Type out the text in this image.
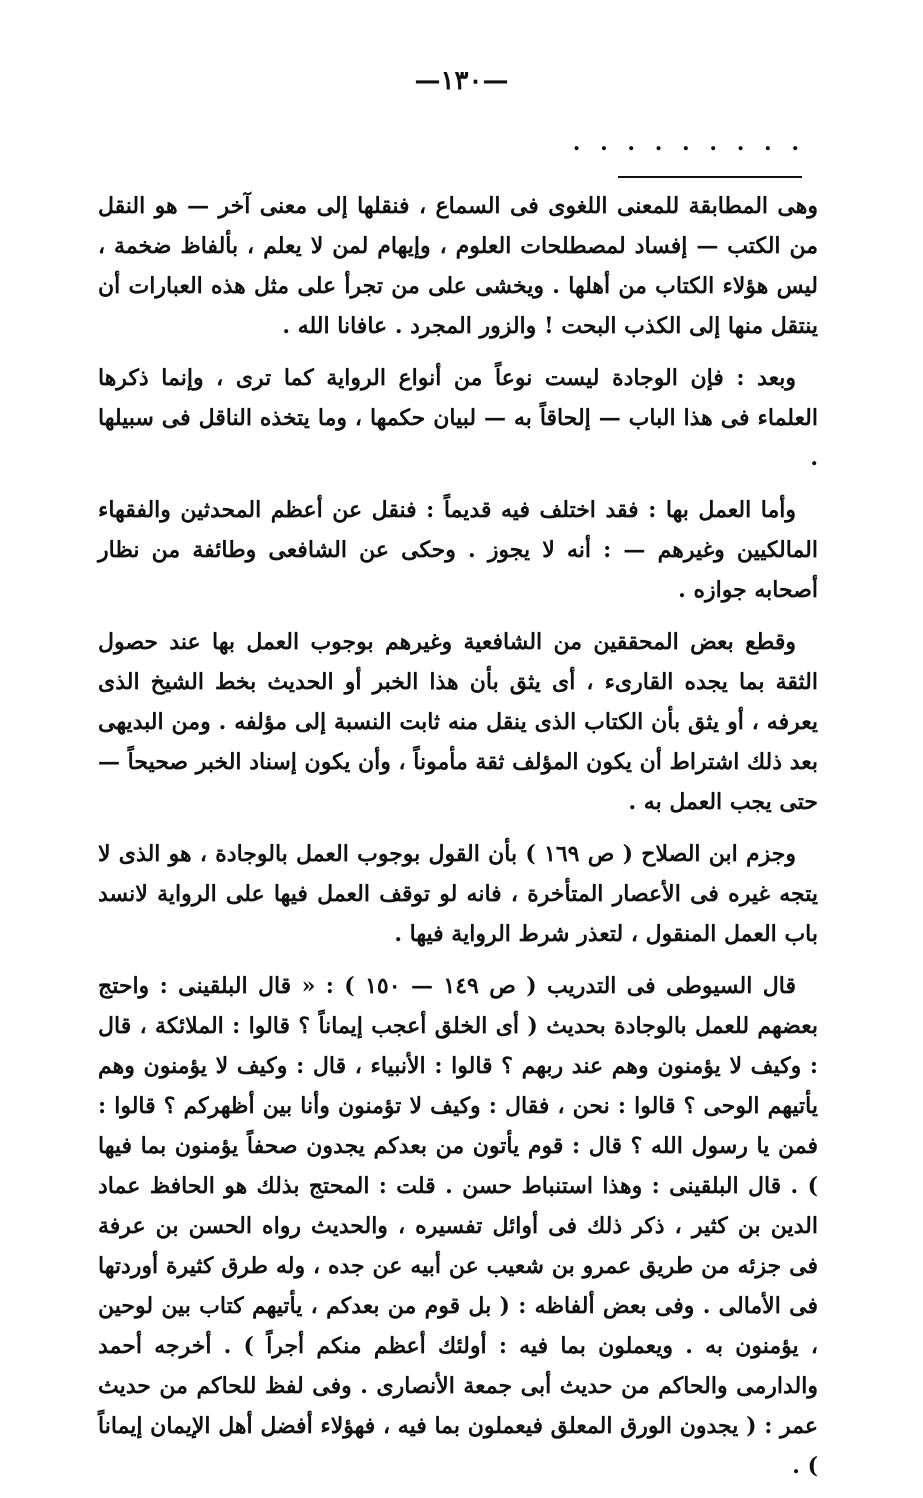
—١٣٠—
. . . . . . . . .

وهى المطابقة للمعنى اللغوى فى السماع ، فنقلها إلى معنى آخر — هو النقل من الكتب — إفساد لمصطلحات العلوم ، وإيهام لمن لا يعلم ، بألفاظ ضخمة ، ليس هؤلاء الكتاب من أهلها . ويخشى على من تجرأ على مثل هذه العبارات أن ينتقل منها إلى الكذب البحت ! والزور المجرد . عافانا الله .

وبعد : فإن الوجادة ليست نوعاً من أنواع الرواية كما ترى ، وإنما ذكرها العلماء فى هذا الباب — إلحاقاً به — لبيان حكمها ، وما يتخذه الناقل فى سبيلها .

وأما العمل بها : فقد اختلف فيه قديماً : فنقل عن أعظم المحدثين والفقهاء المالكيين وغيرهم — : أنه لا يجوز . وحكى عن الشافعى وطائفة من نظار أصحابه جوازه .

وقطع بعض المحققين من الشافعية وغيرهم بوجوب العمل بها عند حصول الثقة بما يجده القارىء ، أى يثق بأن هذا الخبر أو الحديث بخط الشيخ الذى يعرفه ، أو يثق بأن الكتاب الذى ينقل منه ثابت النسبة إلى مؤلفه . ومن البديهى بعد ذلك اشتراط أن يكون المؤلف ثقة مأموناً ، وأن يكون إسناد الخبر صحيحاً — حتى يجب العمل به .

وجزم ابن الصلاح ( ص ١٦٩ ) بأن القول بوجوب العمل بالوجادة ، هو الذى لا يتجه غيره فى الأعصار المتأخرة ، فانه لو توقف العمل فيها على الرواية لانسد باب العمل المنقول ، لتعذر شرط الرواية فيها .

قال السيوطى فى التدريب ( ص ١٤٩ — ١٥٠ ) : « قال البلقينى : واحتج بعضهم للعمل بالوجادة بحديث ( أى الخلق أعجب إيماناً ؟ قالوا : الملائكة ، قال : وكيف لا يؤمنون وهم عند ربهم ؟ قالوا : الأنبياء ، قال : وكيف لا يؤمنون وهم يأتيهم الوحى ؟ قالوا : نحن ، فقال : وكيف لا تؤمنون وأنا بين أظهركم ؟ قالوا : فمن يا رسول الله ؟ قال : قوم يأتون من بعدكم يجدون صحفاً يؤمنون بما فيها ) . قال البلقينى : وهذا استنباط حسن . قلت : المحتج بذلك هو الحافظ عماد الدين بن كثير ، ذكر ذلك فى أوائل تفسيره ، والحديث رواه الحسن بن عرفة فى جزئه من طريق عمرو بن شعيب عن أبيه عن جده ، وله طرق كثيرة أوردتها فى الأمالى . وفى بعض ألفاظه : ( بل قوم من بعدكم ، يأتيهم كتاب بين لوحين ، يؤمنون به . ويعملون بما فيه : أولئك أعظم منكم أجراً ) . أخرجه أحمد والدارمى والحاكم من حديث أبى جمعة الأنصارى . وفى لفظ للحاكم من حديث عمر : ( يجدون الورق المعلق فيعملون بما فيه ، فهؤلاء أفضل أهل الإيمان إيماناً ) .
